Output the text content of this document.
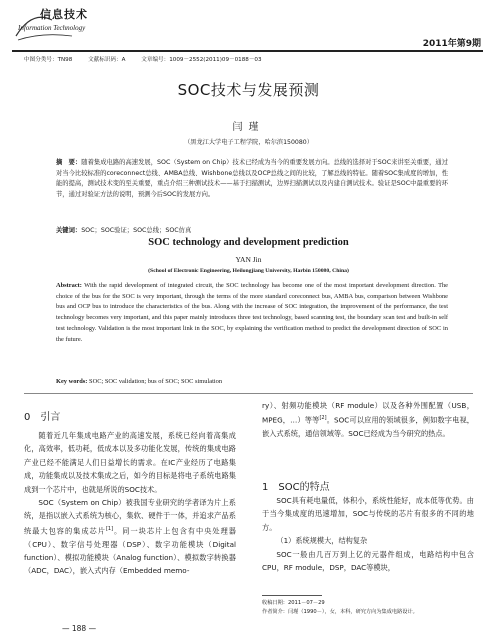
信息技术
Information Technology
2011年第9期
中图分类号：TN98	文献标识码：A	文章编号：1009－2552(2011)09－0188－03
SOC技术与发展预测
闫瑾
（黑龙江大学电子工程学院，哈尔滨150080）
摘　要：随着集成电路的高速发展，SOC（System on Chip）技术已经成为当今的重要发展方向。总线的选择对于SOC来讲至关重要，通过对当今比较标准的coreconnect总线、AMBA总线、Wishbone总线以及OCP总线之间的比较，了解总线的特征。随着SOC集成度的增加，性能的提高，测试技术变的至关重要，重点介绍三种测试技术——基于扫描测试，边界扫描测试以及内建自测试技术。验证是SOC中最重要的环节，通过对验证方法的说明，预测今后SOC的发展方向。
关键词：SOC；SOC验证；SOC总线；SOC仿真
SOC technology and development prediction
YAN Jin
(School of Electronic Engineering, Heilongjiang University, Harbin 150080, China)
Abstract: With the rapid development of integrated circuit, the SOC technology has become one of the most important development direction. The choice of the bus for the SOC is very important, through the terms of the more standard coreconnect bus, AMBA bus, comparison between Wishbone bus and OCP bus to introduce the characteristics of the bus. Along with the increase of SOC integration, the improvement of the performance, the test technology becomes very important, and this paper mainly introduces three test technology, based scanning test, the boundary scan test and built-in self test technology. Validation is the most important link in the SOC, by explaining the verification method to predict the development direction of SOC in the future.
Key words: SOC; SOC validation; bus of SOC; SOC simulation
0　引言

随着近几年集成电路产业的高速发展，系统已经向着高集成化，高效率，低功耗，低成本以及多功能化发展，传统的集成电路产业已经不能满足人们日益增长的需求。在IC产业经历了电路集成，功能集成以及技术集成之后，如今的目标是将电子系统电路集成到一个芯片中，也就是所说的SOC技术。

SOC（System on Chip）被我国专业研究的学者译为片上系统，是指以嵌入式系统为核心，集软、硬件于一体，并追求产品系统最大包容的集成芯片[1]。同一块芯片上包含有中央处理器（CPU）、数字信号处理器（DSP）、数字功能模块（Digital function）、模拟功能模块（Analog function）、模拟数字转换器（ADC，DAC），嵌入式内存（Embedded memo-

ry）、射频功能模块（RF module）以及各种外围配置（USB，MPEG，…）等等[2]。SOC可以应用的领域很多，例如数字电视，嵌入式系统，通信领域等。SOC已经成为当今研究的热点。
1　SOC的特点

SOC具有耗电量低，体积小，系统性能好，成本低等优势。由于当今集成度的迅速增加，SOC与传统的芯片有很多的不同的地方。

（1）系统规模大，结构复杂

SOC一般由几百万到上亿的元器件组成，电路结构中包含CPU，RF module，DSP，DAC等模块，

收稿日期：2011－07－29
作者简介：闫瑾（1990－），女，本科，研究方向为集成电路设计。
— 188 —
